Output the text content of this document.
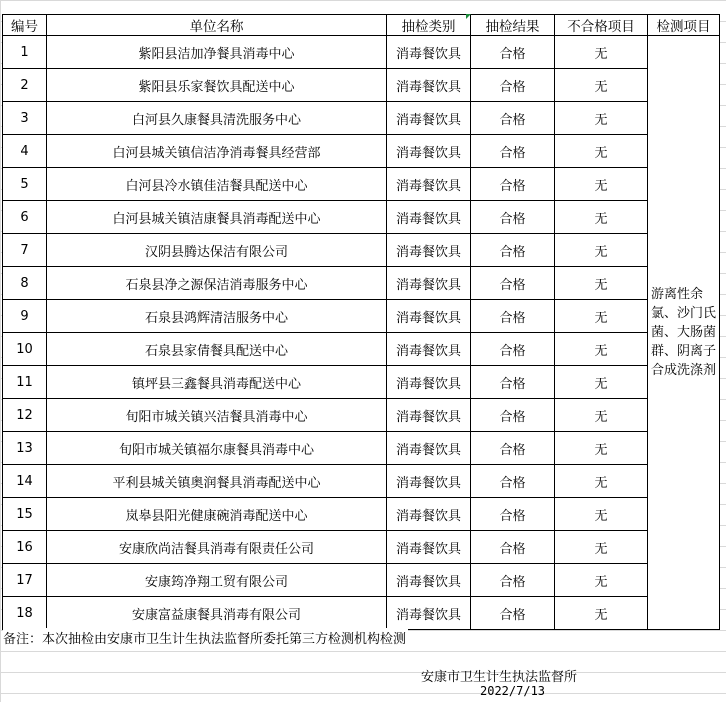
编号	单位名称	抽检类别	抽检结果	不合格项目	检测项目
1	紫阳县洁加净餐具消毒中心	消毒餐饮具	合格	无	游离性余氯、沙门氏菌、大肠菌群、阴离子合成洗涤剂
2	紫阳县乐家餐饮具配送中心	消毒餐饮具	合格	无	
3	白河县久康餐具清洗服务中心	消毒餐饮具	合格	无	
4	白河县城关镇信洁净消毒餐具经营部	消毒餐饮具	合格	无	
5	白河县冷水镇佳洁餐具配送中心	消毒餐饮具	合格	无	
6	白河县城关镇洁康餐具消毒配送中心	消毒餐饮具	合格	无	
7	汉阴县腾达保洁有限公司	消毒餐饮具	合格	无	
8	石泉县净之源保洁消毒服务中心	消毒餐饮具	合格	无	
9	石泉县鸿辉清洁服务中心	消毒餐饮具	合格	无	
10	石泉县家倩餐具配送中心	消毒餐饮具	合格	无	
11	镇坪县三鑫餐具消毒配送中心	消毒餐饮具	合格	无	
12	旬阳市城关镇兴洁餐具消毒中心	消毒餐饮具	合格	无	
13	旬阳市城关镇福尔康餐具消毒中心	消毒餐饮具	合格	无	
14	平利县城关镇奥润餐具消毒配送中心	消毒餐饮具	合格	无	
15	岚皋县阳光健康碗消毒配送中心	消毒餐饮具	合格	无	
16	安康欣尚洁餐具消毒有限责任公司	消毒餐饮具	合格	无	
17	安康筠净翔工贸有限公司	消毒餐饮具	合格	无	
18	安康富益康餐具消毒有限公司	消毒餐饮具	合格	无	
备注：本次抽检由安康市卫生计生执法监督所委托第三方检测机构检测
安康市卫生计生执法监督所
2022/7/13
